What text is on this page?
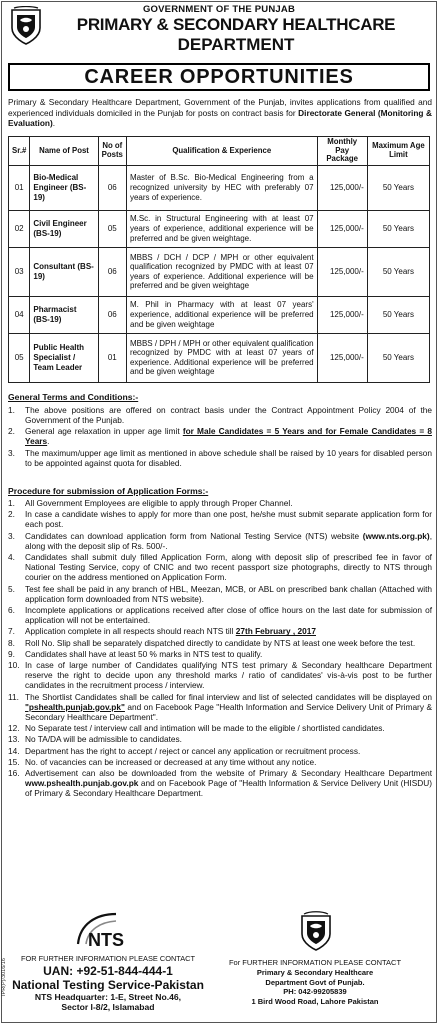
GOVERNMENT OF THE PUNJAB
PRIMARY & SECONDARY HEALTHCARE
DEPARTMENT
CAREER OPPORTUNITIES
Primary & Secondary Healthcare Department, Government of the Punjab, invites applications from qualified and experienced individuals domiciled in the Punjab for posts on contract basis for Directorate General (Monitoring & Evaluation).
Sr.#	Name of Post	No of Posts	Qualification & Experience	Monthly Pay Package	Maximum Age Limit
01	Bio-Medical Engineer (BS-19)	06	Master of B.Sc. Bio-Medical Engineering from a recognized university by HEC with preferably 07 years of experience.	125,000/-	50 Years
02	Civil Engineer (BS-19)	05	M.Sc. in Structural Engineering with at least 07 years of experience, additional experience will be preferred and be given weightage.	125,000/-	50 Years
03	Consultant (BS-19)	06	MBBS / DCH / DCP / MPH or other equivalent qualification recognized by PMDC with at least 07 years of experience. Additional experience will be preferred and be given weightage	125,000/-	50 Years
04	Pharmacist (BS-19)	06	M. Phil in Pharmacy with at least 07 years' experience, additional experience will be preferred and be given weightage	125,000/-	50 Years
05	Public Health Specialist / Team Leader	01	MBBS / DPH / MPH or other equivalent qualification recognized by PMDC with at least 07 years of experience. Additional experience will be preferred and be given weightage	125,000/-	50 Years
General Terms and Conditions:-
1.	The above positions are offered on contract basis under the Contract Appointment Policy 2004 of the Government of the Punjab.
2.	General age relaxation in upper age limit for Male Candidates = 5 Years and for Female Candidates = 8 Years.
3.	The maximum/upper age limit as mentioned in above schedule shall be raised by 10 years for disabled person to be appointed against quota for disabled.
Procedure for submission of Application Forms:-
1.	All Government Employees are eligible to apply through Proper Channel.
2.	In case a candidate wishes to apply for more than one post, he/she must submit separate application form for each post.
3.	Candidates can download application form from National Testing Service (NTS) website (www.nts.org.pk), along with the deposit slip of Rs. 500/-.
4.	Candidates shall submit duly filled Application Form, along with deposit slip of prescribed fee in favor of National Testing Service, copy of CNIC and two recent passport size photographs, directly to NTS through courier on the address mentioned on Application Form.
5.	Test fee shall be paid in any branch of HBL, Meezan, MCB, or ABL on prescribed bank challan (Attached with application form downloaded from NTS website).
6.	Incomplete applications or applications received after close of office hours on the last date for submission of application will not be entertained.
7.	Application complete in all respects should reach NTS till 27th February , 2017
8.	Roll No. Slip shall be separately dispatched directly to candidate by NTS at least one week before the test.
9.	Candidates shall have at least 50 % marks in NTS test to qualify.
10. In case of large number of Candidates qualifying NTS test primary & Secondary healthcare Department reserve the right to decide upon any threshold marks / ratio of candidates' vis-à-vis post to be further candidates in the recruitment process / interview.
11. The Shortlist Candidates shall be called for final interview and list of selected candidates will be displayed on "pshealth.punjab.gov.pk" and on Facebook Page "Health Information and Service Delivery Unit of Primary & Secondary Healthcare Department".
12. No Separate test / interview call and intimation will be made to the eligible / shortlisted candidates.
13. No TA/DA will be admissible to candidates.
14. Department has the right to accept / reject or cancel any application or recruitment process.
15. No. of vacancies can be increased or decreased at any time without any notice.
16. Advertisement can also be downloaded from the website of Primary & Secondary Healthcare Department www.pshealth.punjab.gov.pk and on Facebook Page of "Health Information & Service Delivery Unit (HISDU) of Primary & Secondary Healthcare Department.
NTS
FOR FURTHER INFORMATION PLEASE CONTACT
UAN: +92-51-844-444-1
National Testing Service-Pakistan
NTS Headquarter: 1-E, Street No.46,
Sector I-8/2, Islamabad
For FURTHER INFORMATION PLEASE CONTACT
Primary & Secondary Healthcare
Department Govt of Punjab.
PH: 042-99205839
1 Bird Wood Road, Lahore Pakistan
IPR(P)/3016/16
